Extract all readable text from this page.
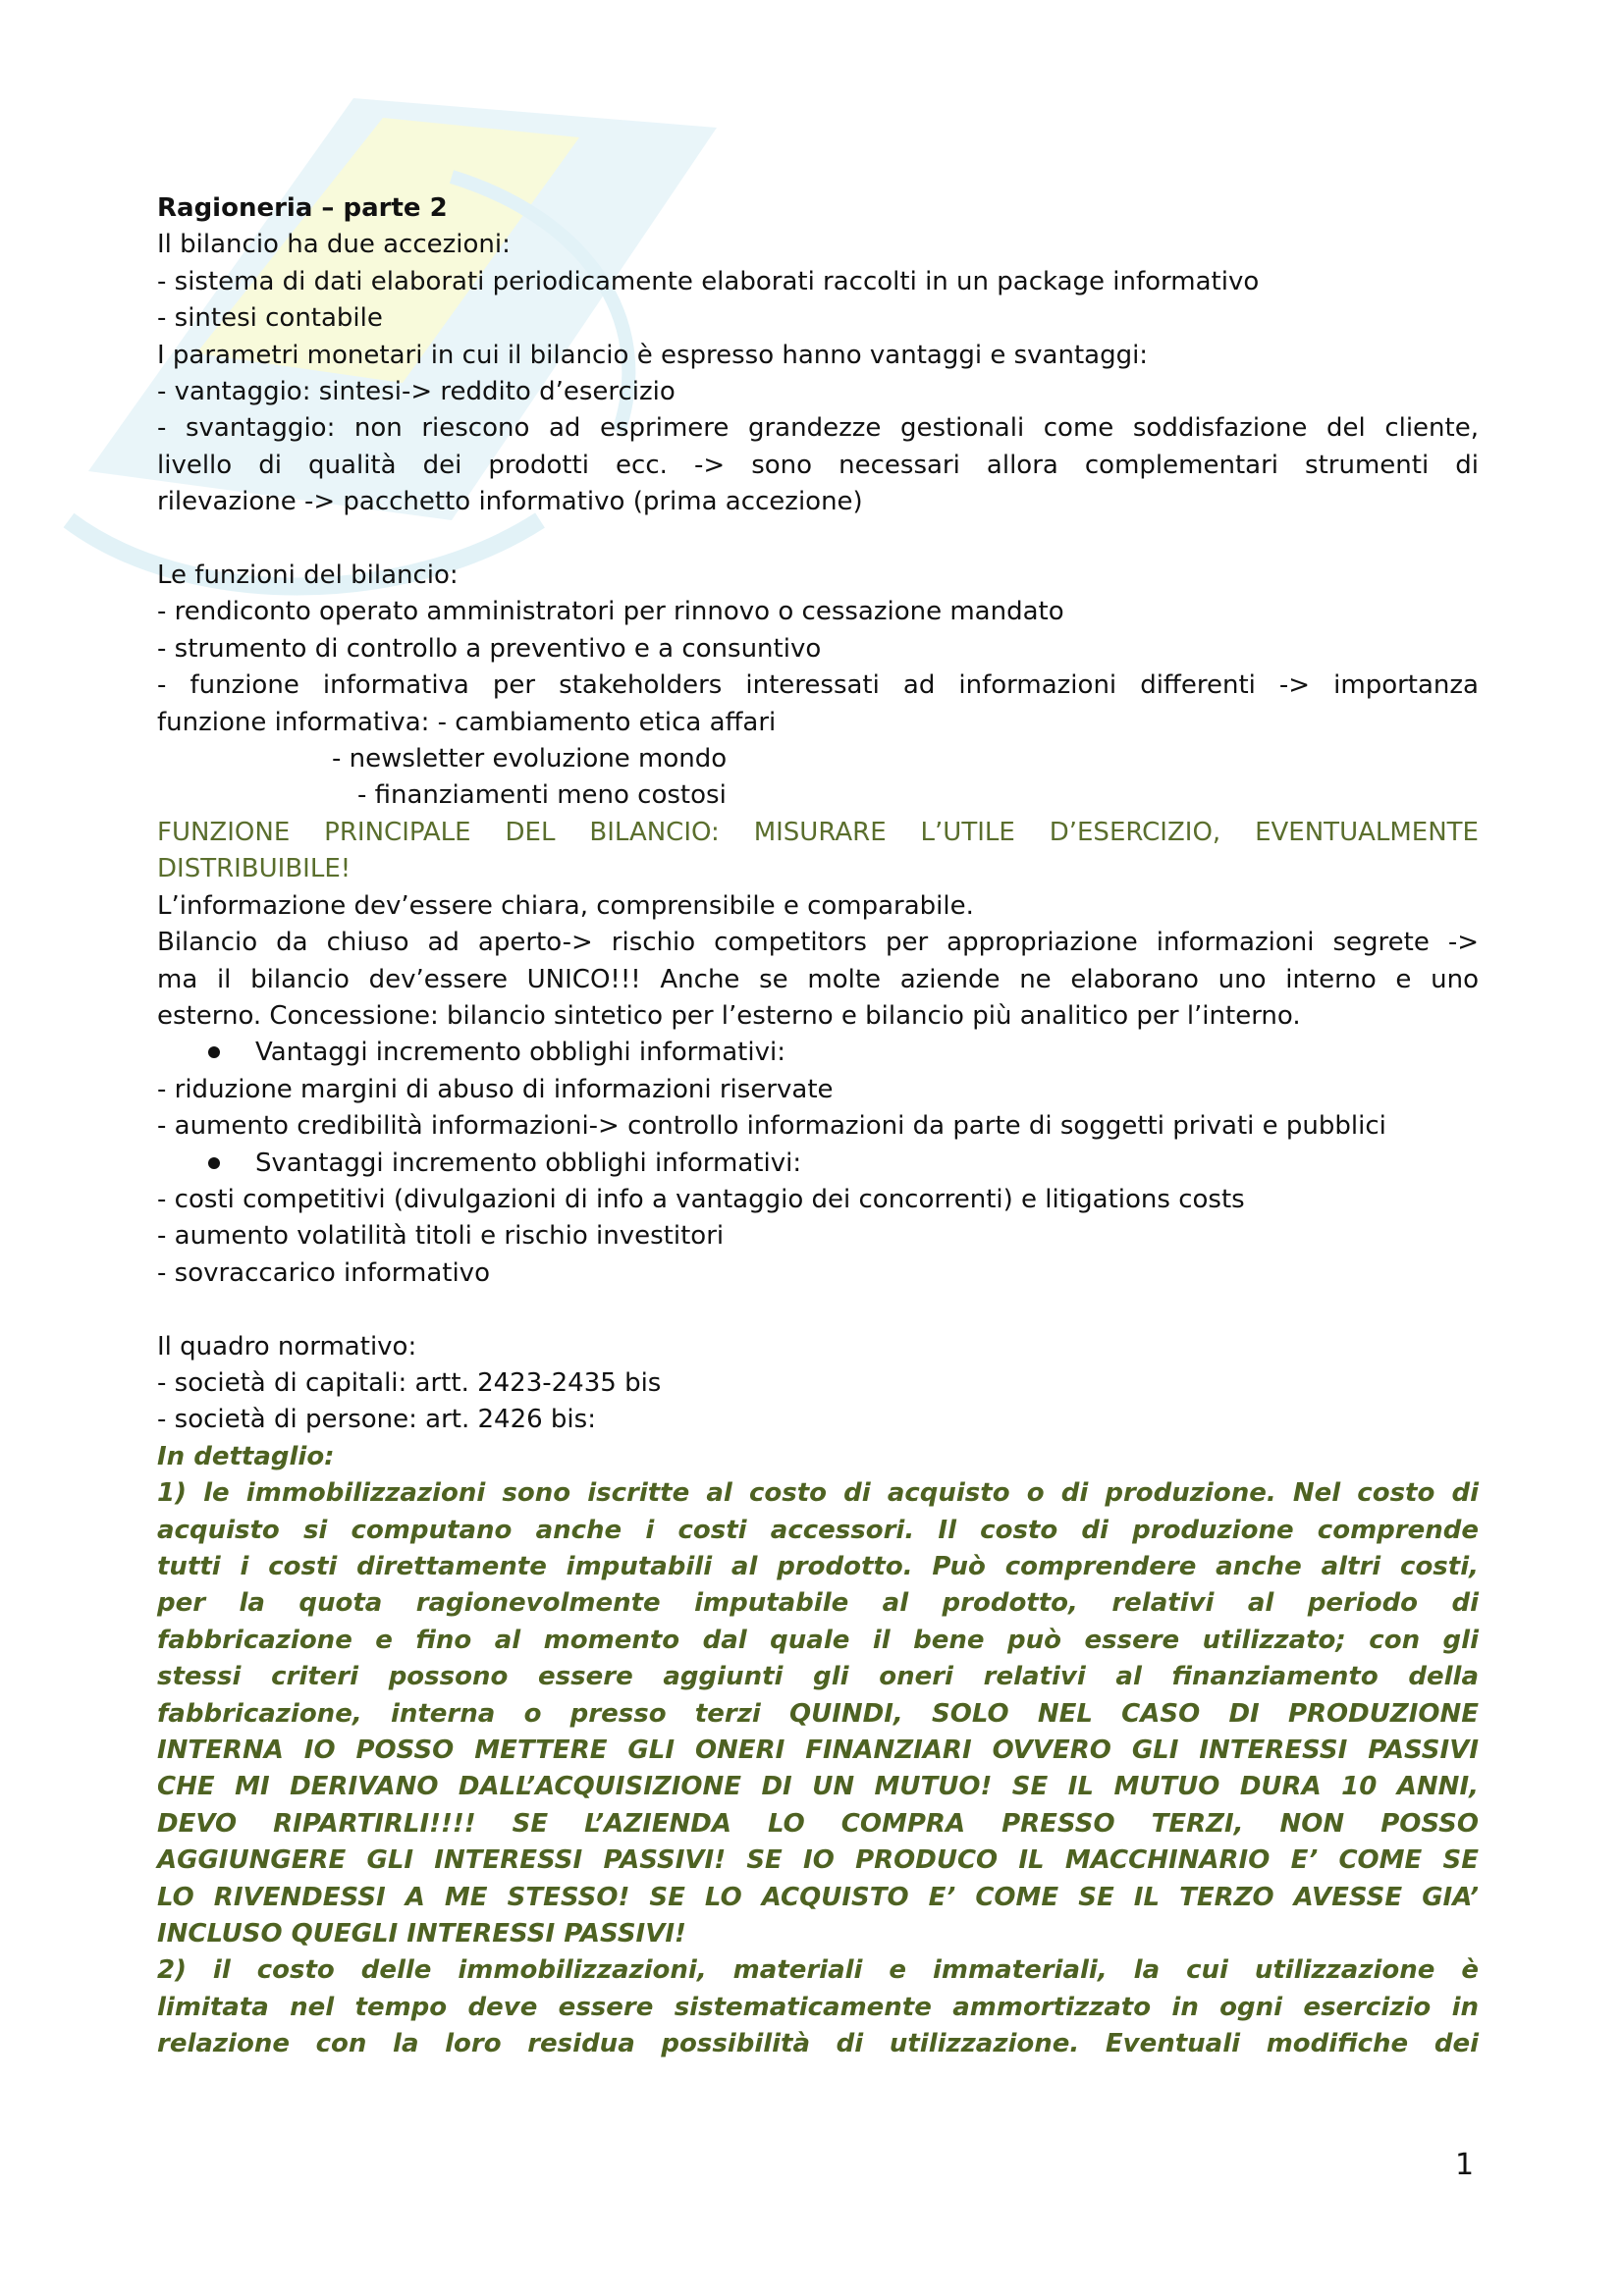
Ragioneria – parte 2

Il bilancio ha due accezioni:

- sistema di dati elaborati periodicamente elaborati raccolti in un package informativo

- sintesi contabile

I parametri monetari in cui il bilancio è espresso hanno vantaggi e svantaggi:

- vantaggio: sintesi-> reddito d’esercizio

- svantaggio: non riescono ad esprimere grandezze gestionali come soddisfazione del cliente,

livello di qualità dei prodotti ecc. -> sono necessari allora complementari strumenti di

rilevazione -> pacchetto informativo (prima accezione)

Le funzioni del bilancio:

- rendiconto operato amministratori per rinnovo o cessazione mandato

- strumento di controllo a preventivo e a consuntivo

- funzione informativa per stakeholders interessati ad informazioni differenti -> importanza

funzione informativa: - cambiamento etica affari

- newsletter evoluzione mondo

- finanziamenti meno costosi

FUNZIONE PRINCIPALE DEL BILANCIO: MISURARE L’UTILE D’ESERCIZIO, EVENTUALMENTE

DISTRIBUIBILE!

L’informazione dev’essere chiara, comprensibile e comparabile.

Bilancio da chiuso ad aperto-> rischio competitors per appropriazione informazioni segrete ->

ma il bilancio dev’essere UNICO!!! Anche se molte aziende ne elaborano uno interno e uno

esterno. Concessione: bilancio sintetico per l’esterno e bilancio più analitico per l’interno.

Vantaggi incremento obblighi informativi:

- riduzione margini di abuso di informazioni riservate

- aumento credibilità informazioni-> controllo informazioni da parte di soggetti privati e pubblici

Svantaggi incremento obblighi informativi:

- costi competitivi (divulgazioni di info a vantaggio dei concorrenti) e litigations costs

- aumento volatilità titoli e rischio investitori

- sovraccarico informativo

Il quadro normativo:

- società di capitali: artt. 2423-2435 bis

- società di persone: art. 2426 bis:

In dettaglio:

1) le immobilizzazioni sono iscritte al costo di acquisto o di produzione. Nel costo di

acquisto si computano anche i costi accessori. Il costo di produzione comprende

tutti i costi direttamente imputabili al prodotto. Può comprendere anche altri costi,

per la quota ragionevolmente imputabile al prodotto, relativi al periodo di

fabbricazione e fino al momento dal quale il bene può essere utilizzato; con gli

stessi criteri possono essere aggiunti gli oneri relativi al finanziamento della

fabbricazione, interna o presso terzi QUINDI, SOLO NEL CASO DI PRODUZIONE

INTERNA IO POSSO METTERE GLI ONERI FINANZIARI OVVERO GLI INTERESSI PASSIVI

CHE MI DERIVANO DALL’ACQUISIZIONE DI UN MUTUO! SE IL MUTUO DURA 10 ANNI,

DEVO RIPARTIRLI!!!! SE L’AZIENDA LO COMPRA PRESSO TERZI, NON POSSO

AGGIUNGERE GLI INTERESSI PASSIVI! SE IO PRODUCO IL MACCHINARIO E’ COME SE

LO RIVENDESSI A ME STESSO! SE LO ACQUISTO E’ COME SE IL TERZO AVESSE GIA’

INCLUSO QUEGLI INTERESSI PASSIVI!

2) il costo delle immobilizzazioni, materiali e immateriali, la cui utilizzazione è

limitata nel tempo deve essere sistematicamente ammortizzato in ogni esercizio in

relazione con la loro residua possibilità di utilizzazione. Eventuali modifiche dei

1
